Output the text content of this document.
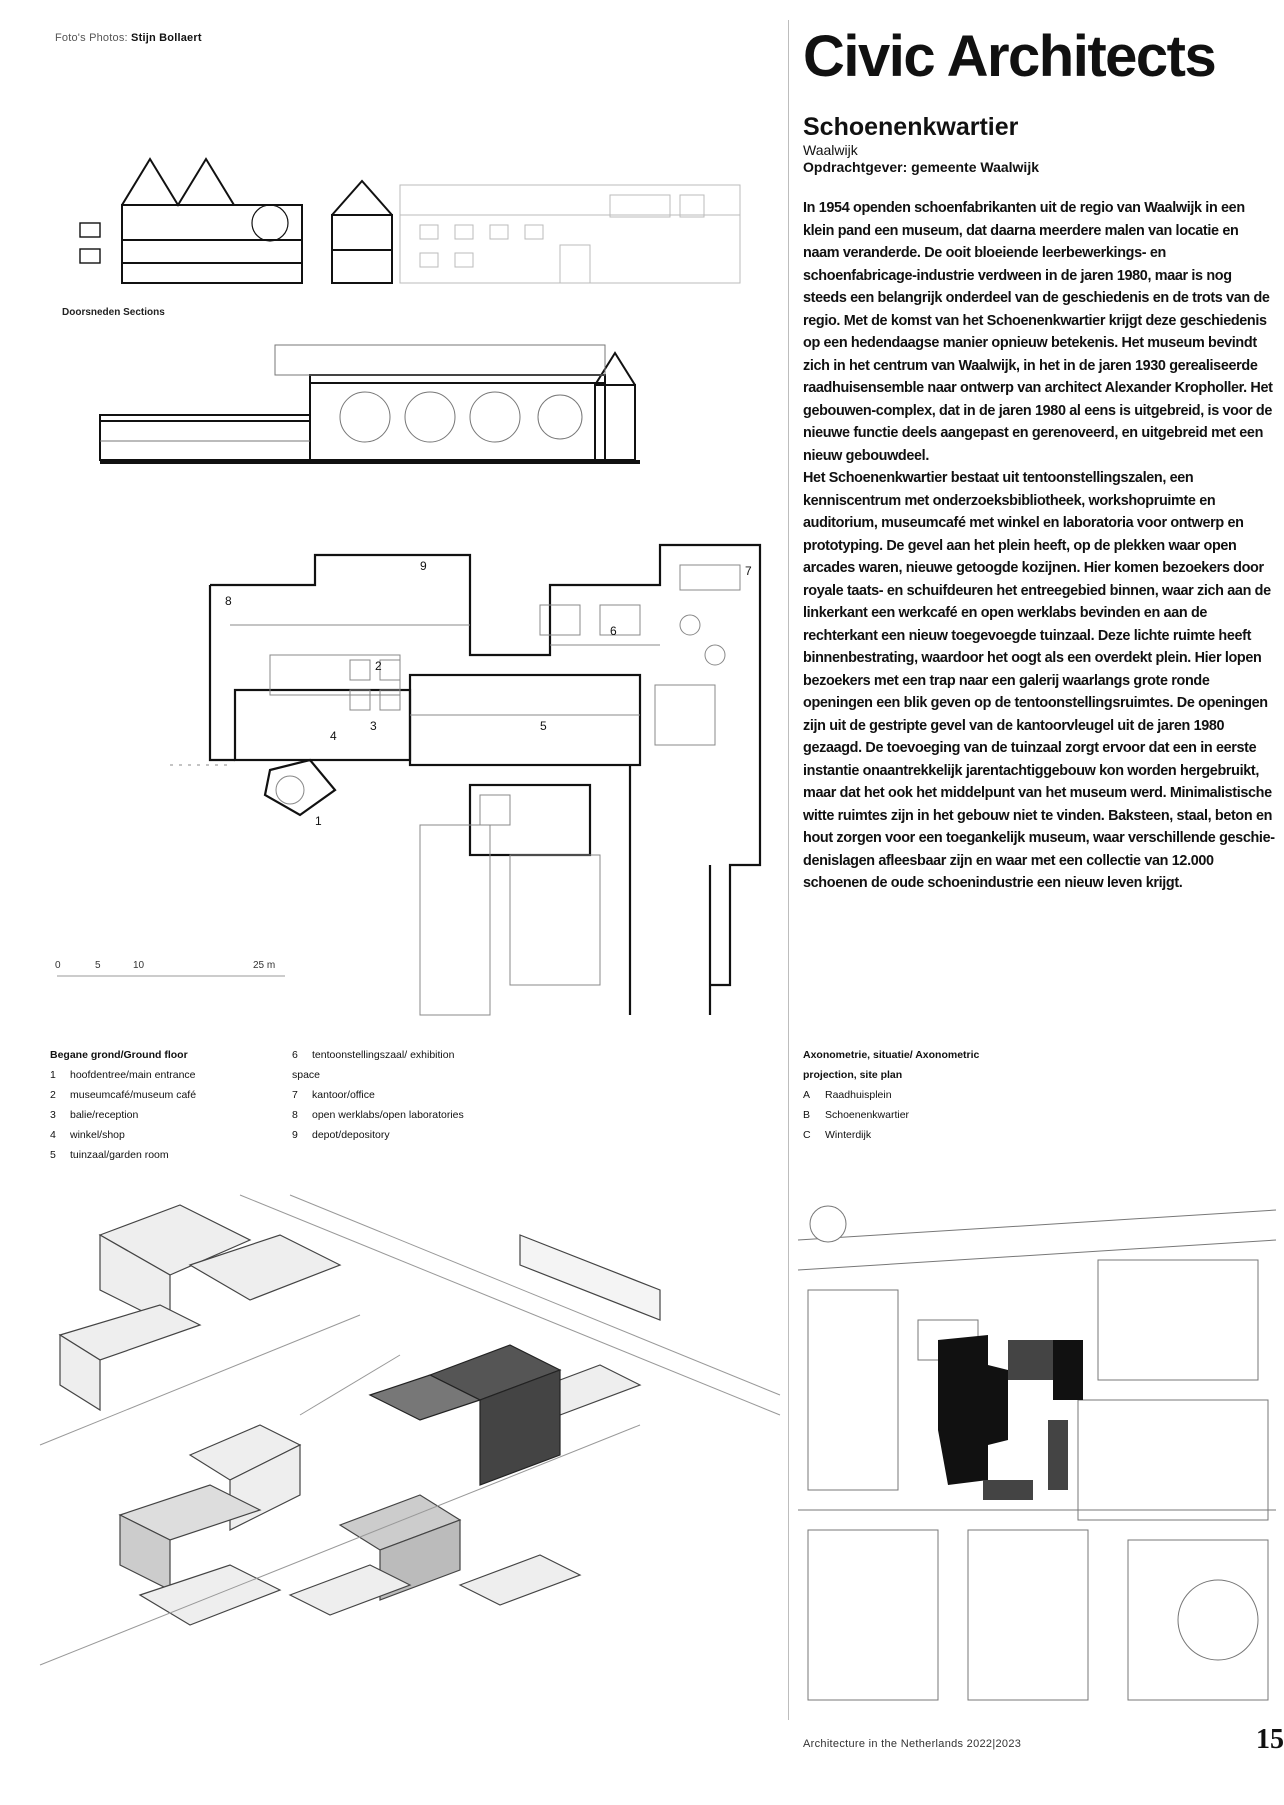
Foto's Photos: Stijn Bollaert
Doorsneden Sections
1
2
3
4
5
6
7
8
9
0	5	10	25 m
Begane grond/Ground floor
1 hoofdentree/main entrance
2 museumcafé/museum café
3 balie/reception
4 winkel/shop
5 tuinzaal/garden room
6 tentoonstellingszaal/ exhibition space
7 kantoor/office
8 open werklabs/open laboratories
9 depot/depository
Civic Architects
Schoenenkwartier
Waalwijk
Opdrachtgever: gemeente Waalwijk

In 1954 openden schoenfabrikanten uit de regio van Waalwijk in een klein pand een museum, dat daarna meerdere malen van locatie en naam veranderde. De ooit bloeiende leerbewerkings- en schoenfabricage-industrie verdween in de jaren 1980, maar is nog steeds een belangrijk onderdeel van de geschiedenis en de trots van de regio. Met de komst van het Schoenenkwartier krijgt deze geschiedenis op een hedendaagse manier opnieuw betekenis. Het museum bevindt zich in het centrum van Waalwijk, in het in de jaren 1930 gerealiseerde raadhuisensemble naar ontwerp van architect Alexander Kropholler. Het gebouwen-complex, dat in de jaren 1980 al eens is uitgebreid, is voor de nieuwe functie deels aangepast en gerenoveerd, en uitgebreid met een nieuw gebouwdeel.

Het Schoenenkwartier bestaat uit tentoonstellingszalen, een kenniscentrum met onderzoeksbibliotheek, workshopruimte en auditorium, museumcafé met winkel en laboratoria voor ontwerp en prototyping. De gevel aan het plein heeft, op de plekken waar open arcades waren, nieuwe getoogde kozijnen. Hier komen bezoekers door royale taats- en schuifdeuren het entreegebied binnen, waar zich aan de linkerkant een werkcafé en open werklabs bevinden en aan de rechterkant een nieuw toegevoegde tuinzaal. Deze lichte ruimte heeft binnenbestrating, waardoor het oogt als een overdekt plein. Hier lopen bezoekers met een trap naar een galerij waarlangs grote ronde openingen een blik geven op de tentoonstellingsruimtes. De openingen zijn uit de gestripte gevel van de kantoorvleugel uit de jaren 1980 gezaagd. De toevoeging van de tuinzaal zorgt ervoor dat een in eerste instantie onaantrekkelijk jarentachtiggebouw kon worden hergebruikt, maar dat het ook het middelpunt van het museum werd. Minimalistische witte ruimtes zijn in het gebouw niet te vinden. Baksteen, staal, beton en hout zorgen voor een toegankelijk museum, waar verschillende geschie-denislagen afleesbaar zijn en waar met een collectie van 12.000 schoenen de oude schoenindustrie een nieuw leven krijgt.

Axonometrie, situatie/ Axonometric projection, site plan
A Raadhuisplein
B Schoenenkwartier
C Winterdijk
Architecture in the Netherlands 2022|2023	15
